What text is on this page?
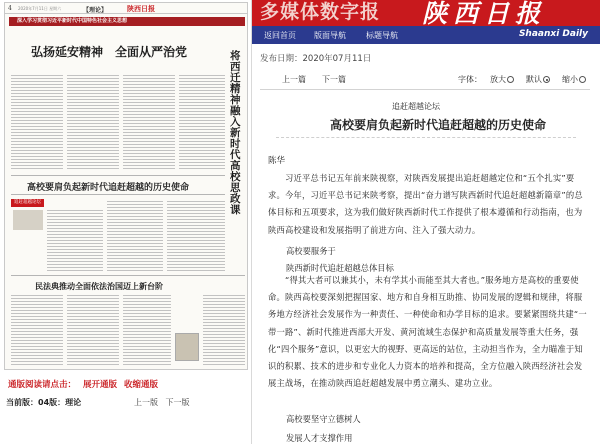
4 2020年7月11日 星期六	【理论】	陕西日报
深入学习贯彻习近平新时代中国特色社会主义思想
弘扬延安精神　全面从严治党	将西迁精神融入新时代高校思政课
高校要肩负起新时代追赶超越的历史使命
追赶超越论坛
民法典推动全面依法治国迈上新台阶
通版阅读请点击： 展开通版 收缩通版
当前版：04版：理论	上一版 下一版
多媒体数字报 陕西日报
返回首页 版面导航	标题导航	Shaanxi Daily
发布日期：2020年07月11日
上一篇 下一篇	字体： 放大	默认	缩小
追赶超越论坛
高校要肩负起新时代追赶超越的历史使命
陈华
习近平总书记五年前来陕视察，对陕西发展提出追赶超越定位和“五个扎实”要求。今年，习近平总书记来陕考察，提出“奋力谱写陕西新时代追赶超越新篇章”的总体目标和五项要求，这为我们做好陕西新时代工作提供了根本遵循和行动指南，也为陕西高校建设和发展指明了前进方向、注入了强大动力。
高校要服务于
陕西新时代追赶超越总体目标
“得其大者可以兼其小，未有学其小而能至其大者也。”服务地方是高校的重要使命。陕西高校要深刻把握国家、地方和自身相互助推、协同发展的逻辑和规律，将服务地方经济社会发展作为一种责任、一种使命和办学目标的追求。要紧紧围绕共建“一带一路”、新时代推进西部大开发、黄河流域生态保护和高质量发展等重大任务，强化“四个服务”意识，以更宏大的视野、更高远的站位，主动担当作为，全力瞄准于知识的积累、技术的进步和专业化人力资本的培养和提高，全方位融入陕西经济社会发展主战场，在推动陕西追赶超越发展中勇立潮头、建功立业。
高校要坚守立德树人
发展人才支撑作用
